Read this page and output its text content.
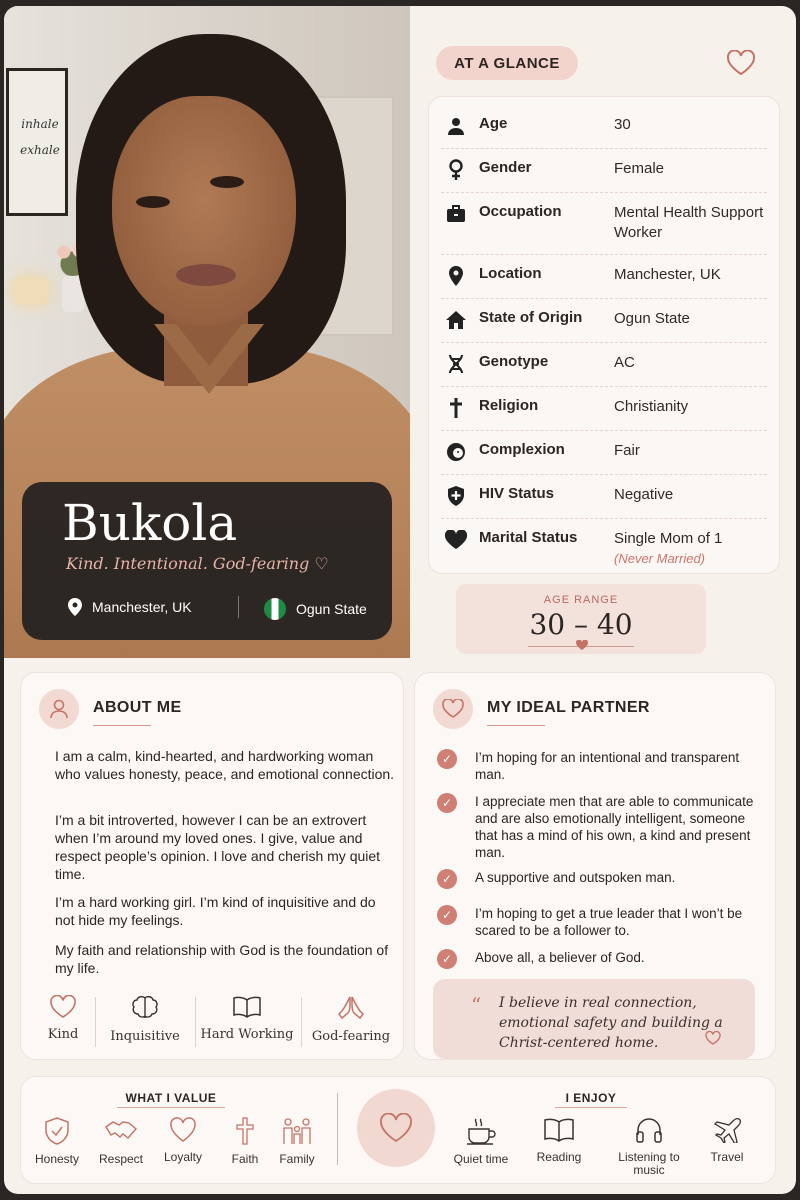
inhale exhale
Bukola
Kind. Intentional. God-fearing ♡
Manchester, UK	Ogun State
AT A GLANCE
Age	30
Gender	Female
Occupation	Mental Health Support Worker
Location	Manchester, UK
State of Origin Ogun State
Genotype	AC
Religion	Christianity
Complexion	Fair
HIV Status	Negative
Marital Status Single Mom of 1
(Never Married)
AGE RANGE
30 – 40
ABOUT ME
I am a calm, kind-hearted, and hardworking woman who values honesty, peace, and emotional connection.
I’m a bit introverted, however I can be an extrovert when I’m around my loved ones. I give, value and respect people’s opinion. I love and cherish my quiet time.
I’m a hard working girl. I’m kind of inquisitive and do not hide my feelings.
My faith and relationship with God is the foundation of my life.
Kind	Inquisitive	Hard Working	God-fearing
MY IDEAL PARTNER
✓	I’m hoping for an intentional and transparent man.
✓	I appreciate men that are able to communicate and are also emotionally intelligent, someone that has a mind of his own, a kind and present man.
✓	A supportive and outspoken man.
✓	I’m hoping to get a true leader that I won’t be scared to be a follower to.
✓	Above all, a believer of God.
“ I believe in real connection, emotional safety and building a Christ-centered home.
WHAT I VALUE
Honesty	Respect	Loyalty	Faith	Family
I ENJOY
Quiet time	Reading	Listening to music
Travel
